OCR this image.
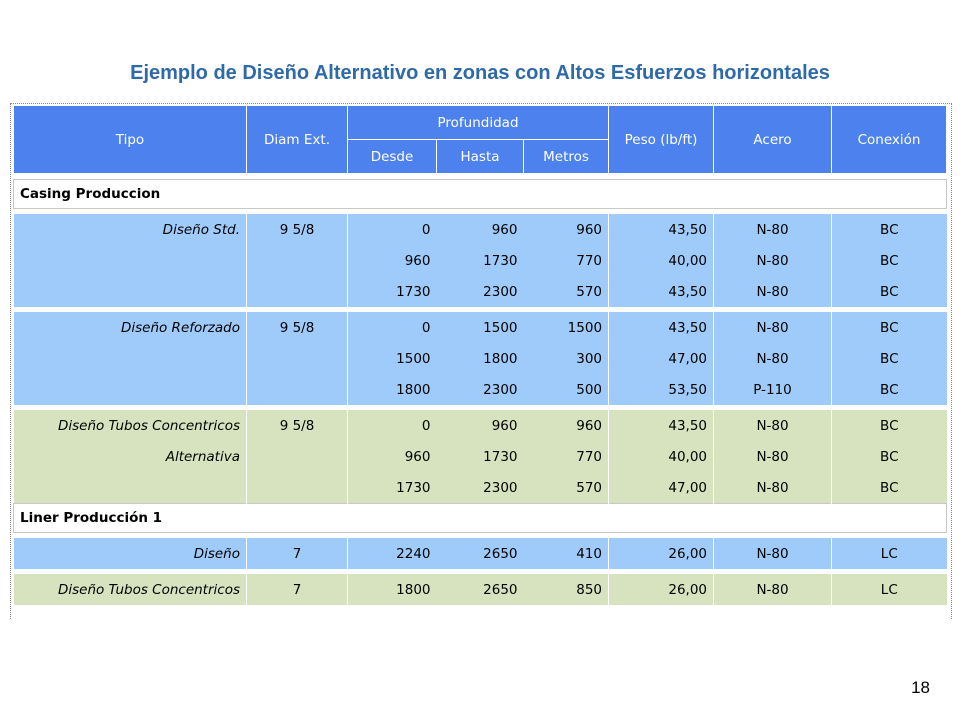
Ejemplo de Diseño Alternativo en zonas con Altos Esfuerzos horizontales
Tipo	Diam Ext.	Profundidad			Peso (lb/ft)	Acero	Conexión
		Desde	Hasta	Metros			

Casing Produccion							

Diseño Std.	9 5/8	0	960	960	43,50	N-80	BC
		960	1730	770	40,00	N-80	BC
		1730	2300	570	43,50	N-80	BC

Diseño Reforzado	9 5/8	0	1500	1500	43,50	N-80	BC
		1500	1800	300	47,00	N-80	BC
		1800	2300	500	53,50	P-110	BC

Diseño Tubos Concentricos	9 5/8	0	960	960	43,50	N-80	BC
Alternativa		960	1730	770	40,00	N-80	BC
		1730	2300	570	47,00	N-80	BC
Liner Producción 1							

Diseño	7	2240	2650	410	26,00	N-80	LC

Diseño Tubos Concentricos	7	1800	2650	850	26,00	N-80	LC
18
